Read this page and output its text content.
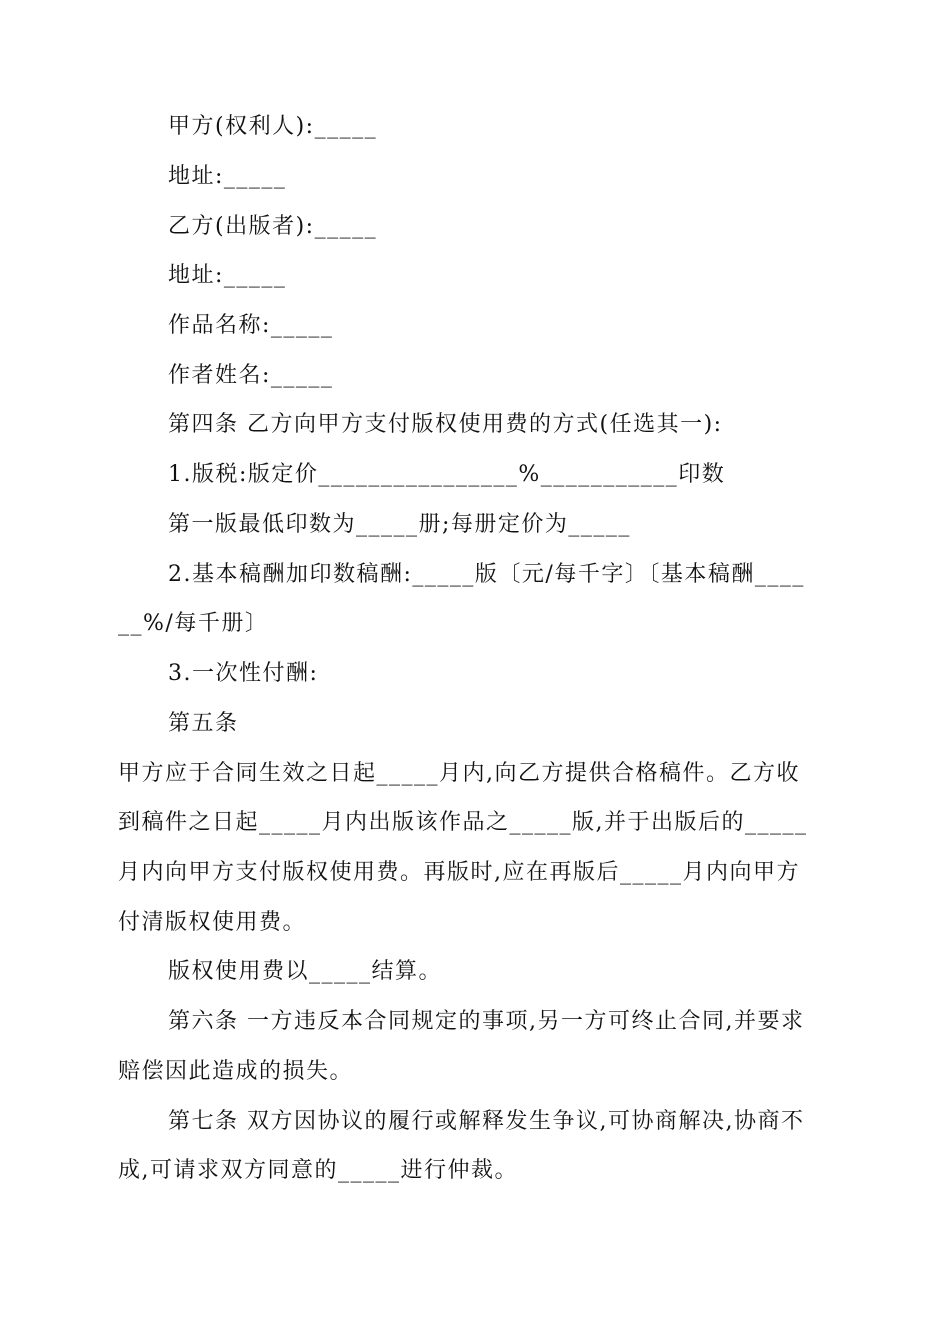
甲方(权利人):_____
地址:_____
乙方(出版者):_____
地址:_____
作品名称:_____
作者姓名:_____
第四条 乙方向甲方支付版权使用费的方式(任选其一):
1.版税:版定价________________%___________印数
第一版最低印数为_____册;每册定价为_____
2.基本稿酬加印数稿酬:_____版〔元/每千字〕〔基本稿酬____
__%/每千册〕
3.一次性付酬:
第五条
甲方应于合同生效之日起_____月内,向乙方提供合格稿件。乙方收
到稿件之日起_____月内出版该作品之_____版,并于出版后的_____
月内向甲方支付版权使用费。再版时,应在再版后_____月内向甲方
付清版权使用费。
版权使用费以_____结算。
第六条 一方违反本合同规定的事项,另一方可终止合同,并要求
赔偿因此造成的损失。
第七条 双方因协议的履行或解释发生争议,可协商解决,协商不
成,可请求双方同意的_____进行仲裁。
